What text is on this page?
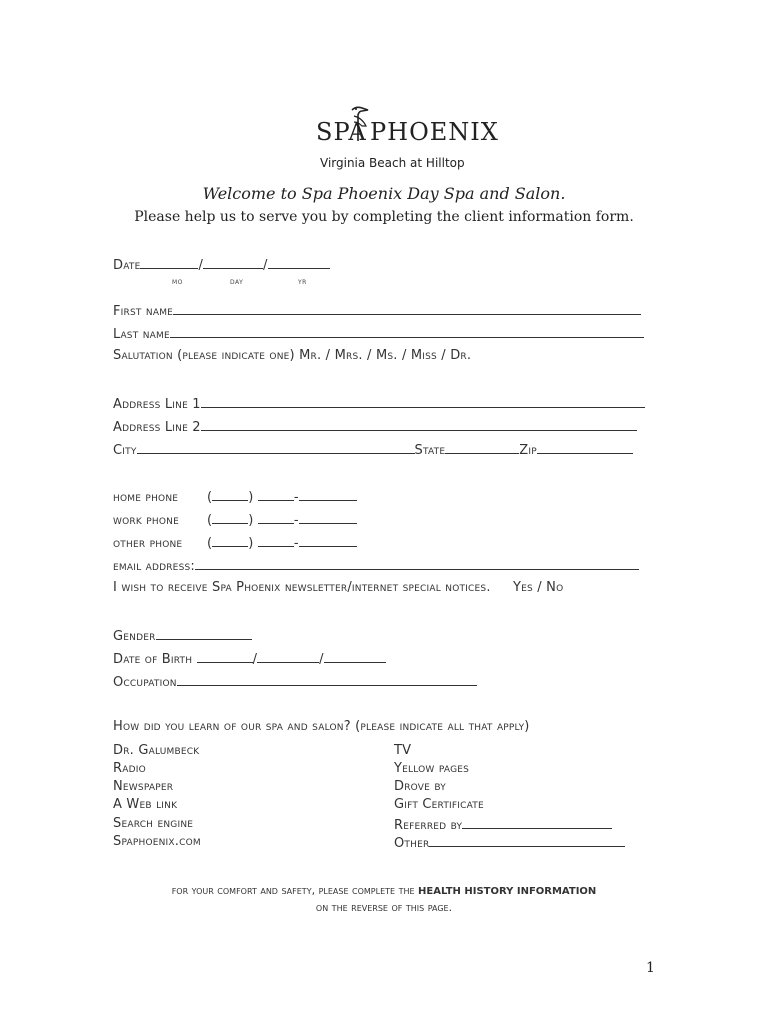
SPA PHOENIX
Virginia Beach at Hilltop
Welcome to Spa Phoenix Day Spa and Salon.
Please help us to serve you by completing the client information form.
Date	/	/
MO	DAY	YR
First name
Last name
Salutation (please indicate one) Mr. / Mrs. / Ms. / Miss / Dr.
Address Line 1
Address Line 2
City	State	Zip
home phone (	)	-
work phone (	)	-
other phone (	)	-
email address:
I wish to receive Spa Phoenix newsletter/internet special notices. Yes / No
Gender
Date of Birth	/	/
Occupation
How did you learn of our spa and salon? (please indicate all that apply)
Dr. Galumbeck
Radio
Newspaper
A Web link
Search engine
Spaphoenix.com
TV
Yellow pages
Drove by
Gift Certificate
Referred by
Other
for your comfort and safety, please complete the HEALTH HISTORY INFORMATION
on the reverse of this page.
1
